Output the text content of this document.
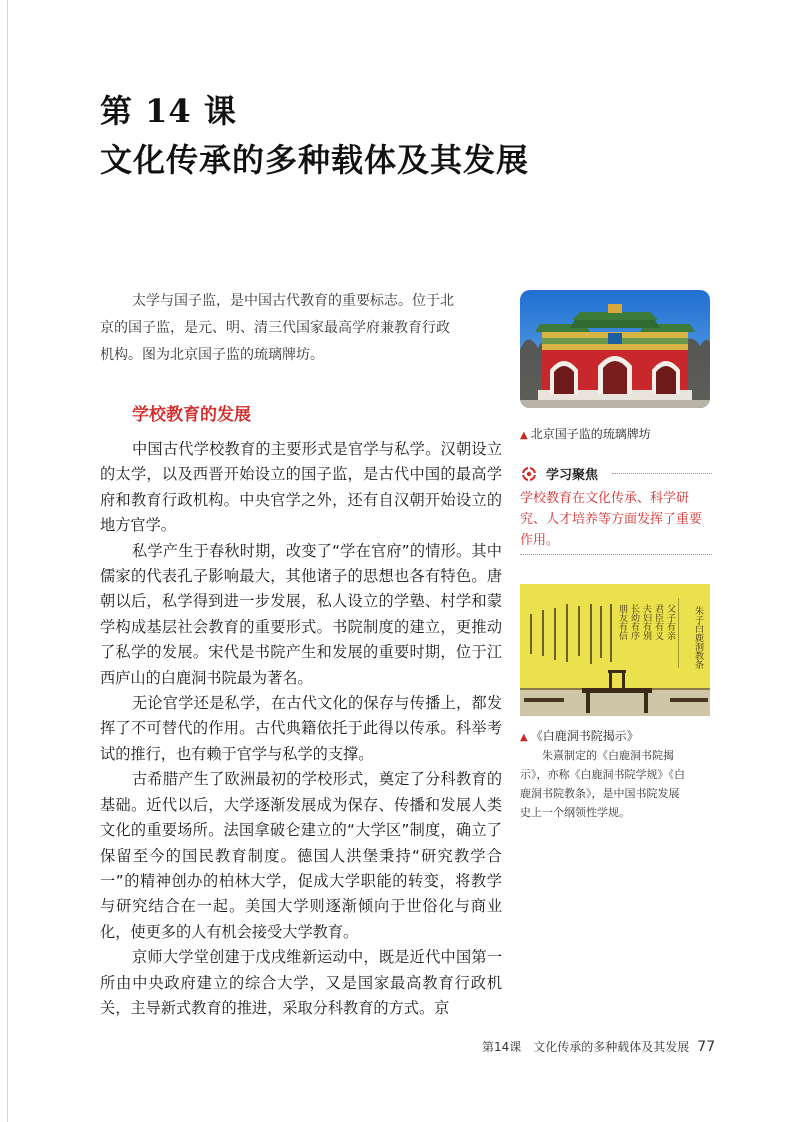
第 14 课
文化传承的多种载体及其发展
太学与国子监，是中国古代教育的重要标志。位于北
京的国子监，是元、明、清三代国家最高学府兼教育行政
机构。图为北京国子监的琉璃牌坊。
学校教育的发展

中国古代学校教育的主要形式是官学与私学。汉朝设立的太学，以及西晋开始设立的国子监，是古代中国的最高学府和教育行政机构。中央官学之外，还有自汉朝开始设立的地方官学。

私学产生于春秋时期，改变了“学在官府”的情形。其中儒家的代表孔子影响最大，其他诸子的思想也各有特色。唐朝以后，私学得到进一步发展，私人设立的学塾、村学和蒙学构成基层社会教育的重要形式。书院制度的建立，更推动了私学的发展。宋代是书院产生和发展的重要时期，位于江西庐山的白鹿洞书院最为著名。

无论官学还是私学，在古代文化的保存与传播上，都发挥了不可替代的作用。古代典籍依托于此得以传承。科举考试的推行，也有赖于官学与私学的支撑。

古希腊产生了欧洲最初的学校形式，奠定了分科教育的基础。近代以后，大学逐渐发展成为保存、传播和发展人类文化的重要场所。法国拿破仑建立的“大学区”制度，确立了保留至今的国民教育制度。德国人洪堡秉持“研究教学合一”的精神创办的柏林大学，促成大学职能的转变，将教学与研究结合在一起。美国大学则逐渐倾向于世俗化与商业化，使更多的人有机会接受大学教育。

京师大学堂创建于戊戌维新运动中，既是近代中国第一所由中央政府建立的综合大学，又是国家最高教育行政机关，主导新式教育的推进，采取分科教育的方式。京

▲ 北京国子监的琉璃牌坊
学习聚焦
学校教育在文化传承、科学研究、人才培养等方面发挥了重要作用。
朱子白鹿洞教条
父子有亲
君臣有义
夫妇有别
长幼有序
朋友有信
▲ 《白鹿洞书院揭示》
朱熹制定的《白鹿洞书院揭
示》，亦称《白鹿洞书院学规》《白
鹿洞书院教条》，是中国书院发展
史上一个纲领性学规。
第14课　文化传承的多种载体及其发展 77
